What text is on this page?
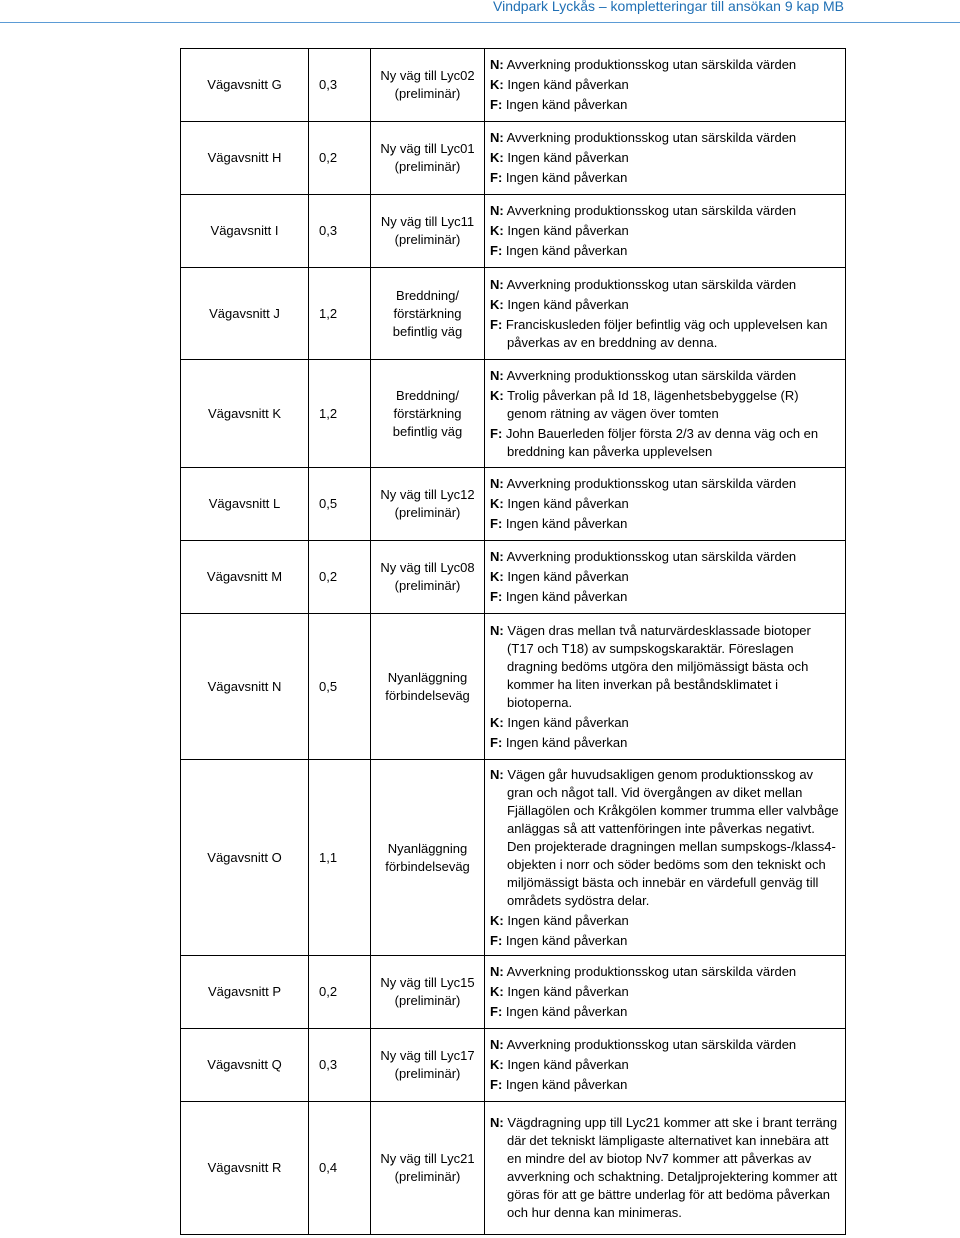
Vindpark Lyckås – kompletteringar till ansökan 9 kap MB
Vägavsnitt G	0,3	Ny väg till Lyc02 (preliminär)	N: Avverkning produktionsskog utan särskilda värden
K: Ingen känd påverkan
F: Ingen känd påverkan

Vägavsnitt H	0,2	Ny väg till Lyc01 (preliminär)	N: Avverkning produktionsskog utan särskilda värden
K: Ingen känd påverkan
F: Ingen känd påverkan

Vägavsnitt I	0,3	Ny väg till Lyc11 (preliminär)	N: Avverkning produktionsskog utan särskilda värden
K: Ingen känd påverkan
F: Ingen känd påverkan

Vägavsnitt J	1,2	Breddning/ förstärkning befintlig väg	N: Avverkning produktionsskog utan särskilda värden
K: Ingen känd påverkan
F: Franciskusleden följer befintlig väg och upplevelsen kan påverkas av en breddning av denna.

Vägavsnitt K	1,2	Breddning/ förstärkning befintlig väg	N: Avverkning produktionsskog utan särskilda värden
K: Trolig påverkan på Id 18, lägenhetsbebyggelse (R) genom rätning av vägen över tomten
F: John Bauerleden följer första 2/3 av denna väg och en breddning kan påverka upplevelsen

Vägavsnitt L	0,5	Ny väg till Lyc12 (preliminär)	N: Avverkning produktionsskog utan särskilda värden
K: Ingen känd påverkan
F: Ingen känd påverkan

Vägavsnitt M	0,2	Ny väg till Lyc08 (preliminär)	N: Avverkning produktionsskog utan särskilda värden
K: Ingen känd påverkan
F: Ingen känd påverkan

Vägavsnitt N	0,5	Nyanläggning förbindelseväg	N: Vägen dras mellan två naturvärdesklassade biotoper (T17 och T18) av sumpskogskaraktär. Föreslagen dragning bedöms utgöra den miljömässigt bästa och kommer ha liten inverkan på beståndsklimatet i biotoperna.
K: Ingen känd påverkan
F: Ingen känd påverkan

Vägavsnitt O	1,1	Nyanläggning förbindelseväg	N: Vägen går huvudsakligen genom produktionsskog av gran och något tall. Vid övergången av diket mellan Fjällagölen och Kråkgölen kommer trumma eller valvbåge anläggas så att vattenföringen inte påverkas negativt. Den projekterade dragningen mellan sumpskogs-/klass4-objekten i norr och söder bedöms som den tekniskt och miljömässigt bästa och innebär en värdefull genväg till områdets sydöstra delar.
K: Ingen känd påverkan
F: Ingen känd påverkan

Vägavsnitt P	0,2	Ny väg till Lyc15 (preliminär)	N: Avverkning produktionsskog utan särskilda värden
K: Ingen känd påverkan
F: Ingen känd påverkan

Vägavsnitt Q	0,3	Ny väg till Lyc17 (preliminär)	N: Avverkning produktionsskog utan särskilda värden
K: Ingen känd påverkan
F: Ingen känd påverkan

Vägavsnitt R	0,4	Ny väg till Lyc21 (preliminär)	N: Vägdragning upp till Lyc21 kommer att ske i brant terräng där det tekniskt lämpligaste alternativet kan innebära att en mindre del av biotop Nv7 kommer att påverkas av avverkning och schaktning. Detaljprojektering kommer att göras för att ge bättre underlag för att bedöma påverkan och hur denna kan minimeras.
